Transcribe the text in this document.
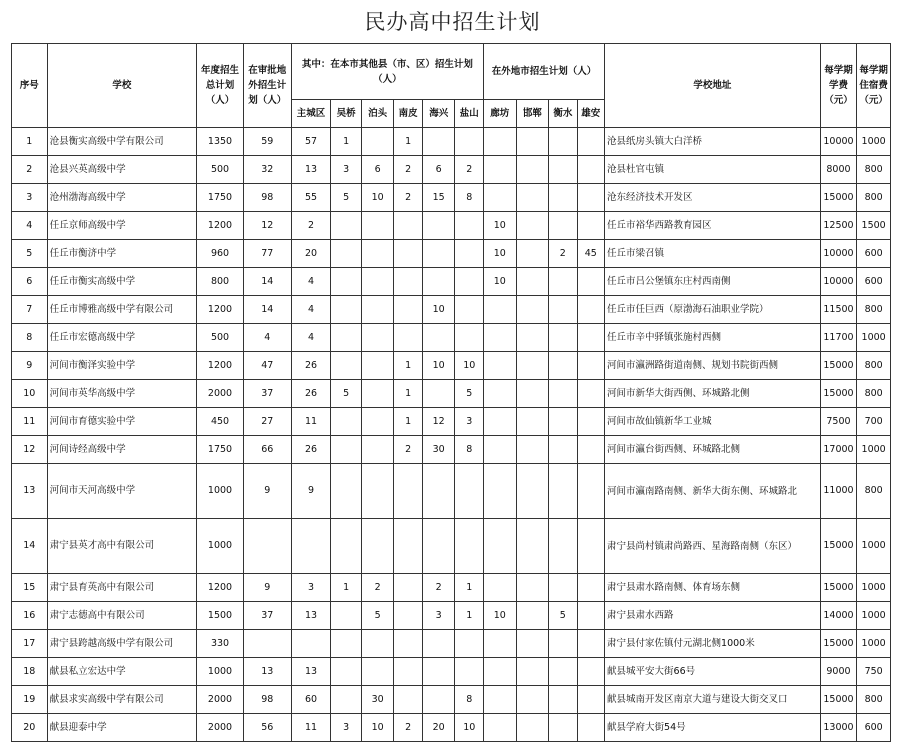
民办高中招生计划
序号	学校	年度招生总计划（人）	在审批地外招生计划（人）	其中：在本市其他县（市、区）招生计划（人）						在外地市招生计划（人）				学校地址	每学期学费（元）	每学期住宿费（元）
				主城区	吴桥	泊头	南皮	海兴	盐山	廊坊	邯郸	衡水	雄安			
1	沧县衡实高级中学有限公司	1350	59	57	1		1							沧县纸房头镇大白洋桥	10000	1000
2	沧县兴英高级中学	500	32	13	3	6	2	6	2					沧县杜官屯镇	8000	800
3	沧州渤海高级中学	1750	98	55	5	10	2	15	8					沧东经济技术开发区	15000	800
4	任丘京师高级中学	1200	12	2						10				任丘市裕华西路教育园区	12500	1500
5	任丘市衡济中学	960	77	20						10		2	45	任丘市梁召镇	10000	600
6	任丘市衡实高级中学	800	14	4						10				任丘市吕公堡镇东庄村西南侧	10000	600
7	任丘市博雅高级中学有限公司	1200	14	4				10						任丘市任巨西（原渤海石油职业学院）	11500	800
8	任丘市宏德高级中学	500	4	4										任丘市辛中驿镇张施村西侧	11700	1000
9	河间市衡泽实验中学	1200	47	26			1	10	10					河间市瀛洲路街道南侧、规划书院街西侧	15000	800
10	河间市英华高级中学	2000	37	26	5		1		5					河间市新华大街西侧、环城路北侧	15000	800
11	河间市育德实验中学	450	27	11			1	12	3					河间市故仙镇新华工业城	7500	700
12	河间诗经高级中学	1750	66	26			2	30	8					河间市瀛台街西侧、环城路北侧	17000	1000
13	河间市天河高级中学	1000	9	9										河间市瀛南路南侧、新华大街东侧、环城路北	11000	800
14	肃宁县英才高中有限公司	1000												肃宁县尚村镇肃尚路西、星海路南侧（东区）	15000	1000
15	肃宁县育英高中有限公司	1200	9	3	1	2		2	1					肃宁县肃水路南侧、体育场东侧	15000	1000
16	肃宁志德高中有限公司	1500	37	13		5		3	1	10		5		肃宁县肃水西路	14000	1000
17	肃宁县跨越高级中学有限公司	330												肃宁县付家佐镇付元湖北侧1000米	15000	1000
18	献县私立宏达中学	1000	13	13										献县城平安大街66号	9000	750
19	献县求实高级中学有限公司	2000	98	60		30			8					献县城南开发区南京大道与建设大街交叉口	15000	800
20	献县迎泰中学	2000	56	11	3	10	2	20	10					献县学府大街54号	13000	600
